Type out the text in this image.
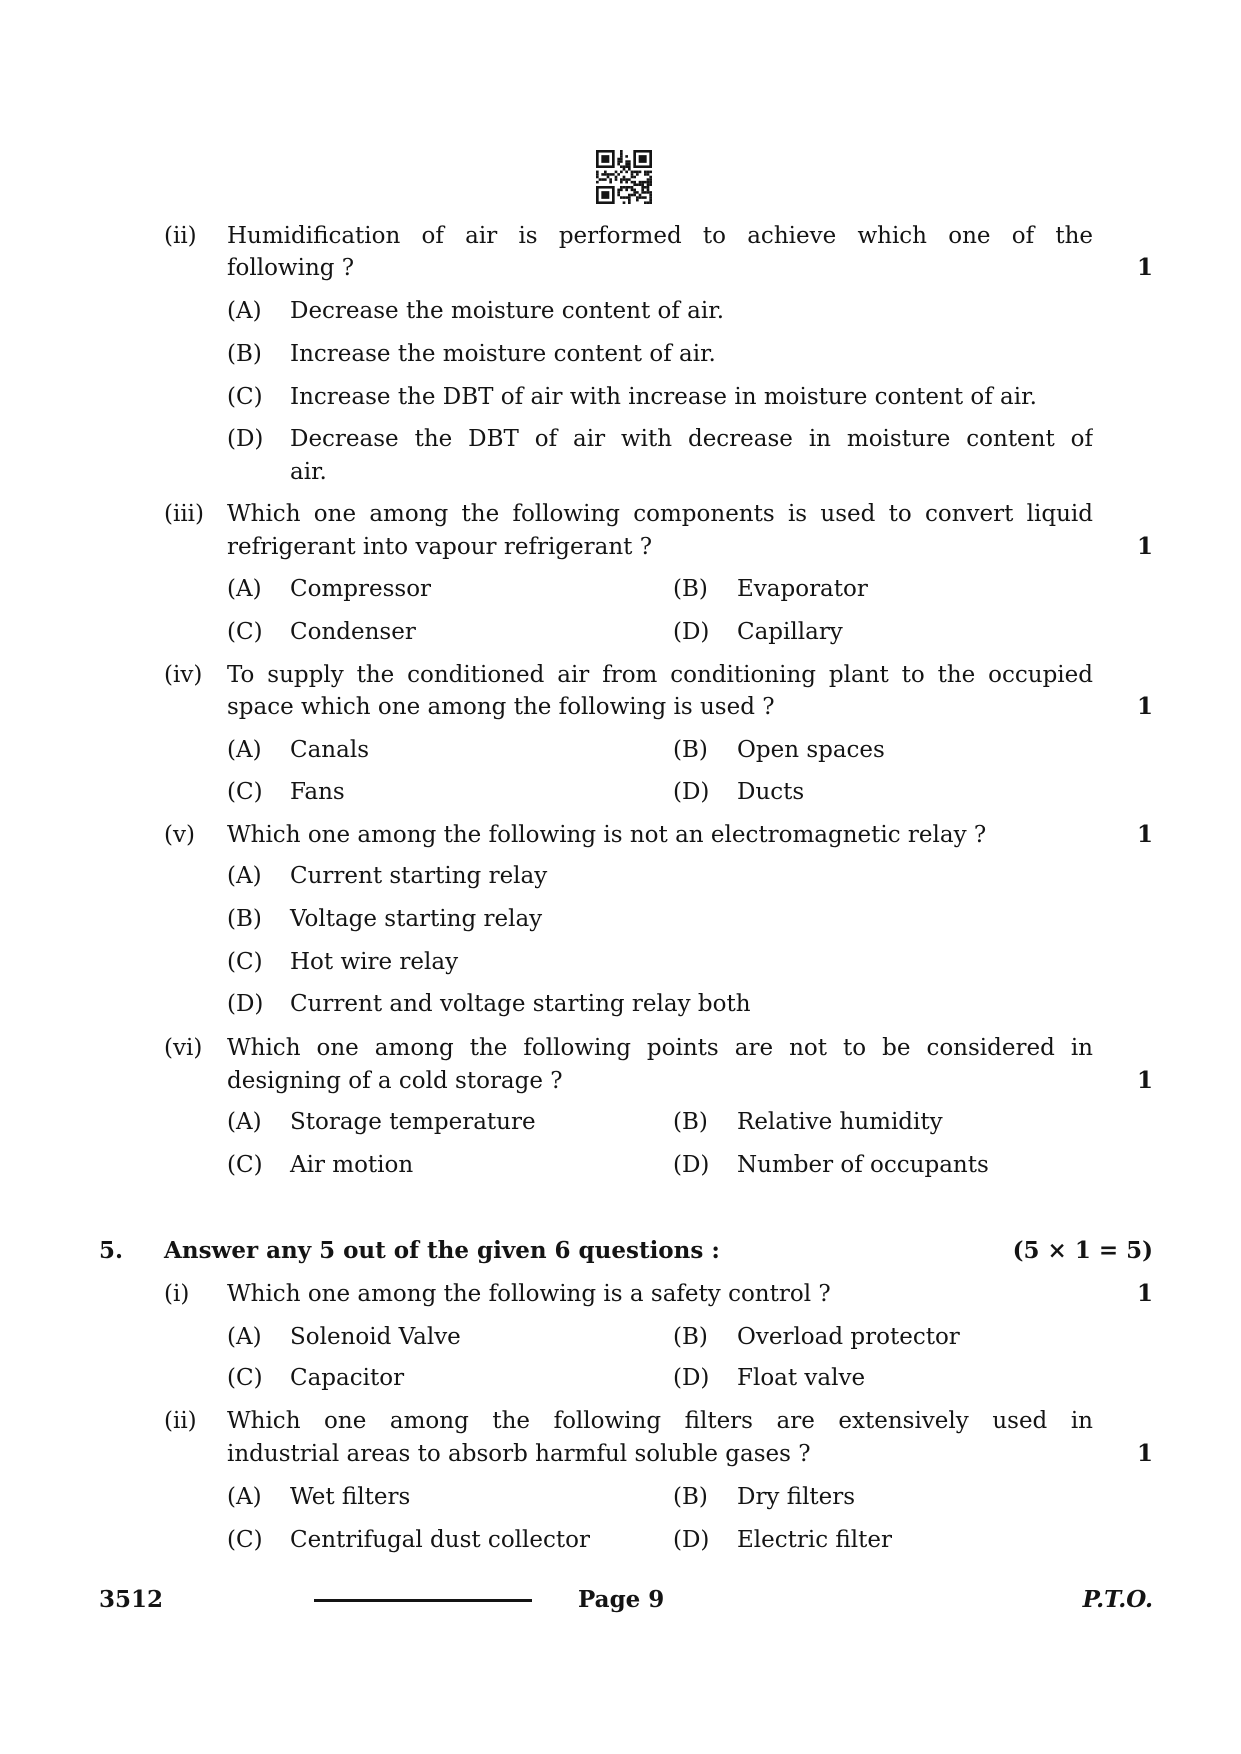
(ii) Humidification of air is performed to achieve which one of the
following ?	1
(A) Decrease the moisture content of air.
(B) Increase the moisture content of air.
(C) Increase the DBT of air with increase in moisture content of air.
(D) Decrease the DBT of air with decrease in moisture content of
air.
(iii) Which one among the following components is used to convert liquid
refrigerant into vapour refrigerant ?	1
(A) Compressor	(B) Evaporator
(C) Condenser	(D) Capillary
(iv) To supply the conditioned air from conditioning plant to the occupied
space which one among the following is used ?	1
(A) Canals	(B) Open spaces
(C) Fans	(D) Ducts
(v) Which one among the following is not an electromagnetic relay ?	1
(A) Current starting relay
(B) Voltage starting relay
(C) Hot wire relay
(D) Current and voltage starting relay both
(vi) Which one among the following points are not to be considered in
designing of a cold storage ?	1
(A) Storage temperature	(B) Relative humidity
(C) Air motion	(D) Number of occupants
5. Answer any 5 out of the given 6 questions :	(5 × 1 = 5)
(i) Which one among the following is a safety control ?	1
(A) Solenoid Valve	(B) Overload protector
(C) Capacitor	(D) Float valve
(ii) Which one among the following filters are extensively used in
industrial areas to absorb harmful soluble gases ?	1
(A) Wet filters	(B) Dry filters
(C) Centrifugal dust collector	(D) Electric filter
3512	Page 9	P.T.O.
